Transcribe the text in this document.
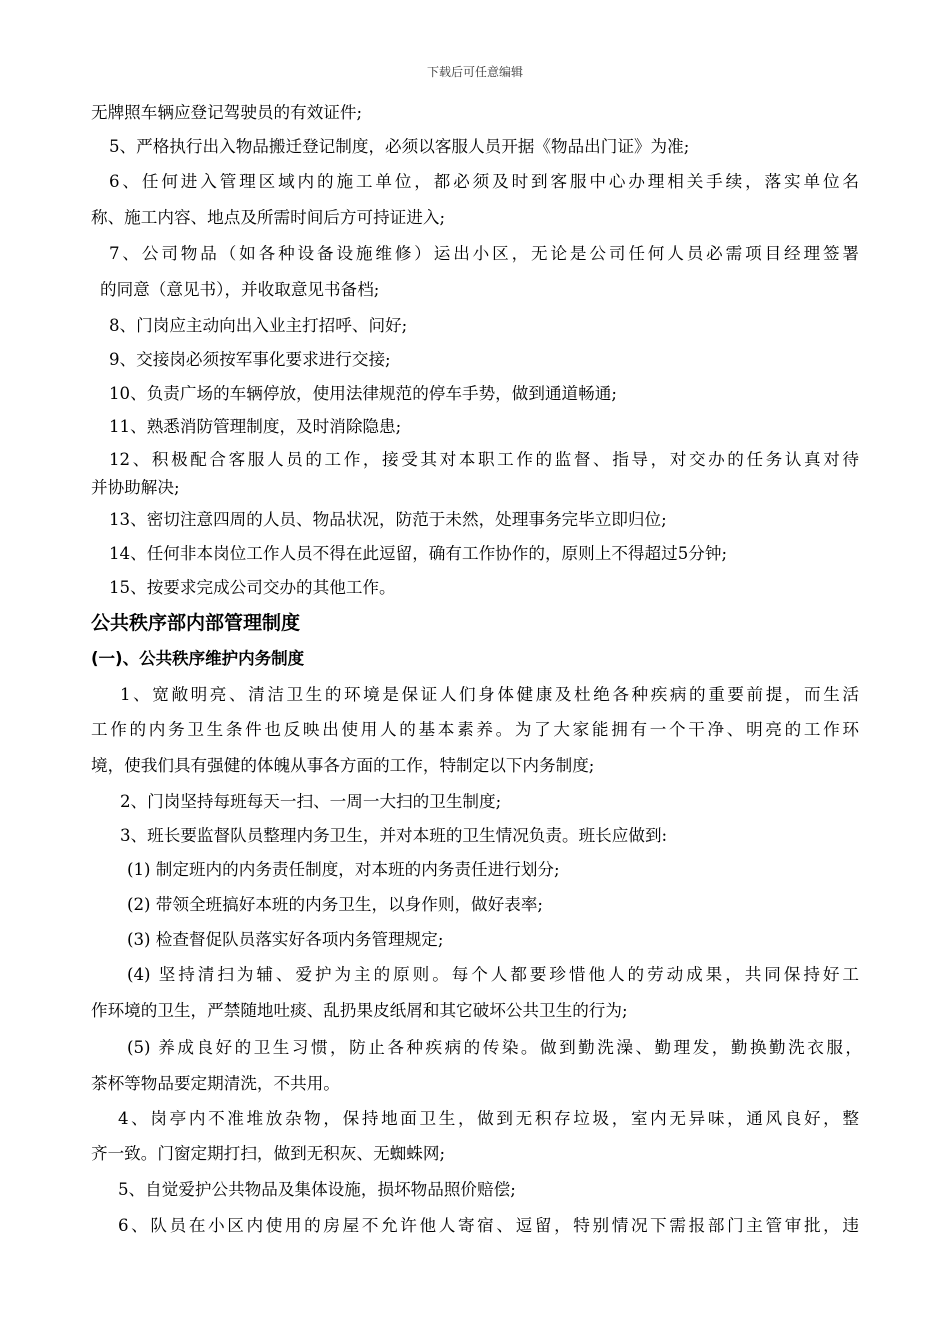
下载后可任意编辑
无牌照车辆应登记驾驶员的有效证件;
5、严格执行出入物品搬迁登记制度，必须以客服人员开据《物品出门证》为准;
6、任何进入管理区域内的施工单位，都必须及时到客服中心办理相关手续，落实单位名
称、施工内容、地点及所需时间后方可持证进入;
7、公司物品（如各种设备设施维修）运出小区，无论是公司任何人员必需项目经理签署
的同意（意见书），并收取意见书备档;
8、门岗应主动向出入业主打招呼、问好;
9、交接岗必须按军事化要求进行交接;
10、负责广场的车辆停放，使用法律规范的停车手势，做到通道畅通;
11、熟悉消防管理制度，及时消除隐患;
12、积极配合客服人员的工作，接受其对本职工作的监督、指导，对交办的任务认真对待
并协助解决;
13、密切注意四周的人员、物品状况，防范于未然，处理事务完毕立即归位;
14、任何非本岗位工作人员不得在此逗留，确有工作协作的，原则上不得超过5分钟;
15、按要求完成公司交办的其他工作。
公共秩序部内部管理制度
(一)、公共秩序维护内务制度
1、宽敞明亮、清洁卫生的环境是保证人们身体健康及杜绝各种疾病的重要前提，而生活
工作的内务卫生条件也反映出使用人的基本素养。为了大家能拥有一个干净、明亮的工作环
境，使我们具有强健的体魄从事各方面的工作，特制定以下内务制度;
2、门岗坚持每班每天一扫、一周一大扫的卫生制度;
3、班长要监督队员整理内务卫生，并对本班的卫生情况负责。班长应做到:
(1) 制定班内的内务责任制度，对本班的内务责任进行划分;
(2) 带领全班搞好本班的内务卫生，以身作则，做好表率;
(3) 检查督促队员落实好各项内务管理规定;
(4) 坚持清扫为辅、爱护为主的原则。每个人都要珍惜他人的劳动成果，共同保持好工
作环境的卫生，严禁随地吐痰、乱扔果皮纸屑和其它破坏公共卫生的行为;
(5) 养成良好的卫生习惯，防止各种疾病的传染。做到勤洗澡、勤理发，勤换勤洗衣服，
茶杯等物品要定期清洗，不共用。
4、岗亭内不准堆放杂物，保持地面卫生，做到无积存垃圾，室内无异味，通风良好，整
齐一致。门窗定期打扫，做到无积灰、无蜘蛛网;
5、自觉爱护公共物品及集体设施，损坏物品照价赔偿;
6、队员在小区内使用的房屋不允许他人寄宿、逗留，特别情况下需报部门主管审批，违
